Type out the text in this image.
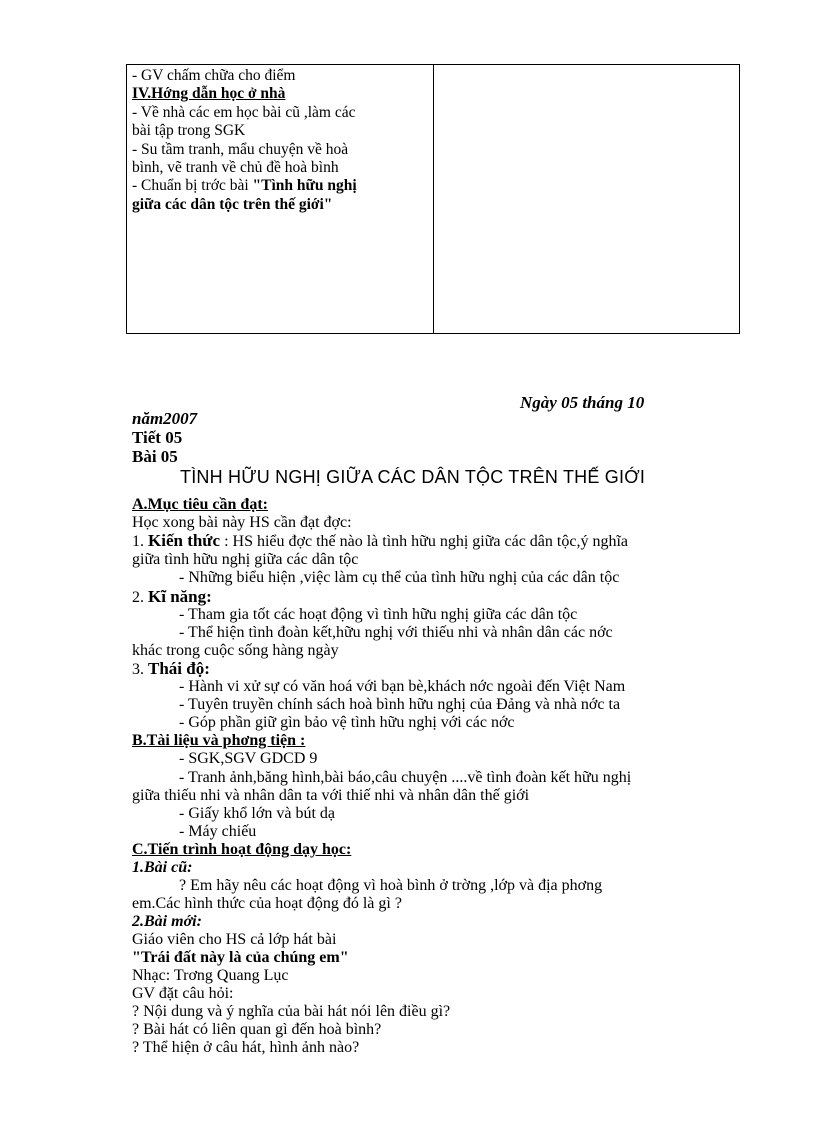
- GV chấm chữa cho điểm
IV.Hớng dẫn học ở nhà
- Về nhà các em học bài cũ ,làm các
bài tập trong SGK
- Su tầm tranh, mẩu chuyện về hoà
bình, vẽ tranh về chủ đề hoà bình
- Chuẩn bị trớc bài "Tình hữu nghị
giữa các dân tộc trên thế giới"
Ngày 05 tháng 10
năm2007
Tiết 05
Bài 05
TÌNH HỮU NGHỊ GIỮA CÁC DÂN TỘC TRÊN THẾ GIỚI
A.Mục tiêu cần đạt:
Học xong bài này HS cần đạt đợc:
1. Kiến thức : HS hiểu đợc thế nào là tình hữu nghị giữa các dân tộc,ý nghĩa
giữa tình hữu nghị giữa các dân tộc
- Những biểu hiện ,việc làm cụ thể của tình hữu nghị của các dân tộc
2. Kĩ năng:
- Tham gia tốt các hoạt động vì tình hữu nghị giữa các dân tộc
- Thể hiện tình đoàn kết,hữu nghị với thiếu nhi và nhân dân các nớc
khác trong cuộc sống hàng ngày
3. Thái độ:
- Hành vi xử sự có văn hoá với bạn bè,khách nớc ngoài đến Việt Nam
- Tuyên truyền chính sách hoà bình hữu nghị của Đảng và nhà nớc ta
- Góp phần giữ gìn bảo vệ tình hữu nghị với các nớc
B.Tài liệu và phơng tiện :
- SGK,SGV GDCD 9
- Tranh ảnh,băng hình,bài báo,câu chuyện ....về tình đoàn kết hữu nghị
giữa thiếu nhi và nhân dân ta với thiế nhi và nhân dân thế giới
- Giấy khổ lớn và bút dạ
- Máy chiếu
C.Tiến trình hoạt động dạy học:
1.Bài cũ:
? Em hãy nêu các hoạt động vì hoà bình ở trờng ,lớp và địa phơng
em.Các hình thức của hoạt động đó là gì ?
2.Bài mới:
Giáo viên cho HS cả lớp hát bài
"Trái đất này là của chúng em"
Nhạc: Trơng Quang Lục
GV đặt câu hỏi:
? Nội dung và ý nghĩa của bài hát nói lên điều gì?
? Bài hát có liên quan gì đến hoà bình?
? Thể hiện ở câu hát, hình ảnh nào?
